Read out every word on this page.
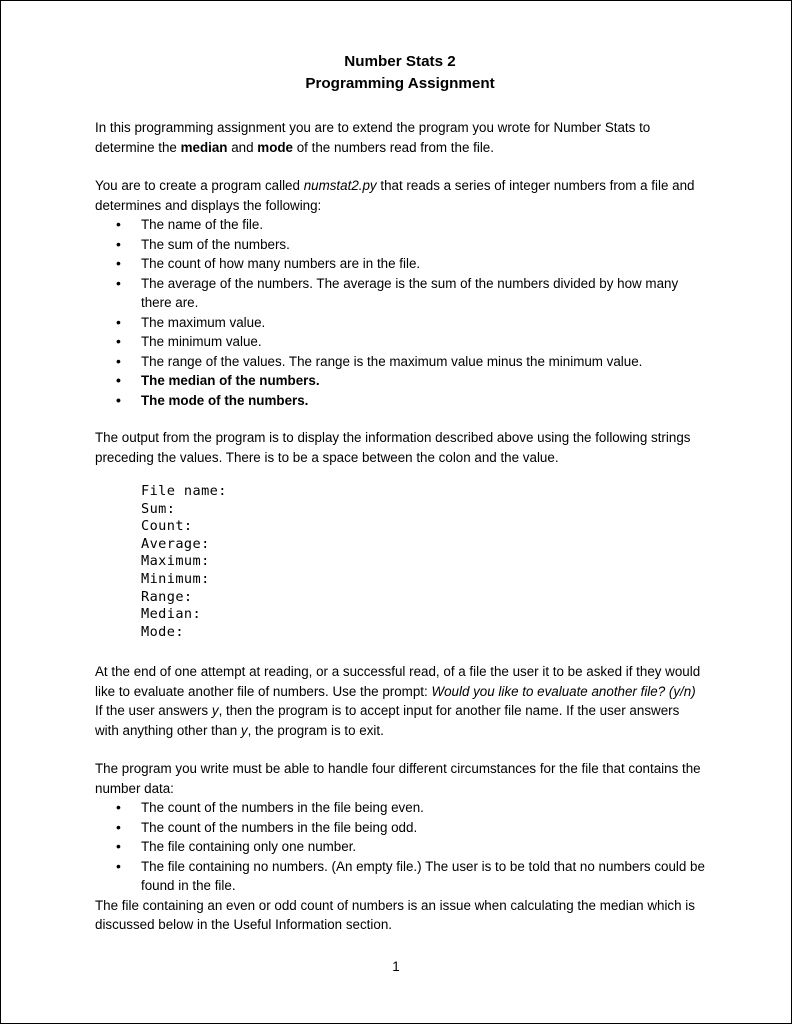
Number Stats 2
Programming Assignment

In this programming assignment you are to extend the program you wrote for Number Stats to determine the median and mode of the numbers read from the file.

You are to create a program called numstat2.py that reads a series of integer numbers from a file and determines and displays the following:

• The name of the file.
• The sum of the numbers.
• The count of how many numbers are in the file.
• The average of the numbers. The average is the sum of the numbers divided by how many there are.
• The maximum value.
• The minimum value.
• The range of the values. The range is the maximum value minus the minimum value.
• The median of the numbers.
• The mode of the numbers.

The output from the program is to display the information described above using the following strings preceding the values. There is to be a space between the colon and the value.

File name:
Sum:
Count:
Average:
Maximum:
Minimum:
Range:
Median:
Mode:

At the end of one attempt at reading, or a successful read, of a file the user it to be asked if they would like to evaluate another file of numbers. Use the prompt: Would you like to evaluate another file? (y/n) If the user answers y, then the program is to accept input for another file name. If the user answers with anything other than y, the program is to exit.

The program you write must be able to handle four different circumstances for the file that contains the number data:

• The count of the numbers in the file being even.
• The count of the numbers in the file being odd.
• The file containing only one number.
• The file containing no numbers. (An empty file.) The user is to be told that no numbers could be found in the file.

The file containing an even or odd count of numbers is an issue when calculating the median which is discussed below in the Useful Information section.

1
